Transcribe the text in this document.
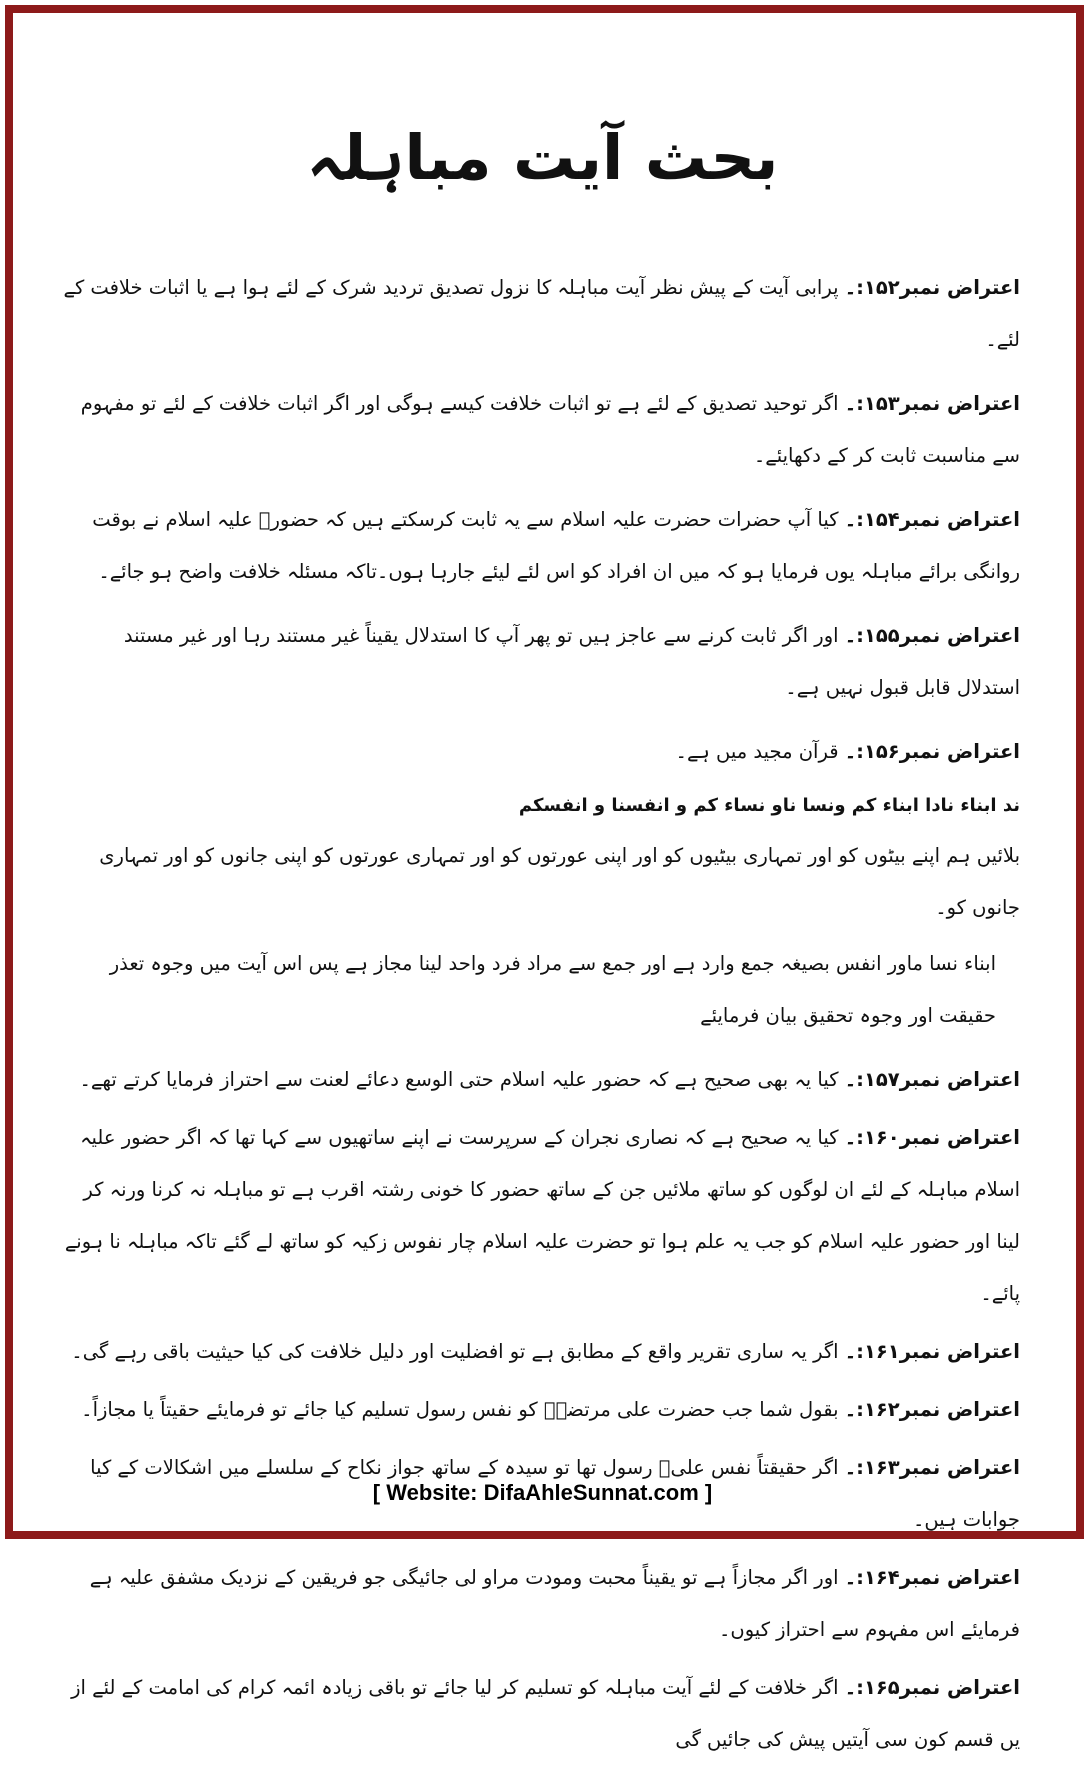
بحث آیت مباہلہ

اعتراض نمبر۱۵۲:۔ پرابی آیت کے پیش نظر آیت مباہلہ کا نزول تصدیق تردید شرک کے لئے ہوا ہے یا اثبات خلافت کے لئے۔

اعتراض نمبر۱۵۳:۔ اگر توحید تصدیق کے لئے ہے تو اثبات خلافت کیسے ہوگی اور اگر اثبات خلافت کے لئے تو مفہوم سے مناسبت ثابت کر کے دکھایئے۔

اعتراض نمبر۱۵۴:۔ کیا آپ حضرات حضرت علیہ اسلام سے یہ ثابت کرسکتے ہیں کہ حضورؑ علیہ اسلام نے بوقت روانگی برائے مباہلہ یوں فرمایا ہو کہ میں ان افراد کو اس لئے لیئے جارہا ہوں۔تاکہ مسئلہ خلافت واضح ہو جائے۔

اعتراض نمبر۱۵۵:۔ اور اگر ثابت کرنے سے عاجز ہیں تو پھر آپ کا استدلال یقیناً غیر مستند رہا اور غیر مستند استدلال قابل قبول نہیں ہے۔

اعتراض نمبر۱۵۶:۔ قرآن مجید میں ہے۔

ند ابناء نادا ابناء کم ونسا ناو نساء کم و انفسنا و انفسکم

بلائیں ہم اپنے بیٹوں کو اور تمہاری بیٹیوں کو اور اپنی عورتوں کو اور تمہاری عورتوں کو اپنی جانوں کو اور تمہاری جانوں کو۔

ابناء نسا ماور انفس بصیغہ جمع وارد ہے اور جمع سے مراد فرد واحد لینا مجاز ہے پس اس آیت میں وجوہ تعذر حقیقت اور وجوہ تحقیق بیان فرمایئے

اعتراض نمبر۱۵۷:۔ کیا یہ بھی صحیح ہے کہ حضور علیہ اسلام حتی الوسع دعائے لعنت سے احتراز فرمایا کرتے تھے۔

اعتراض نمبر۱۶۰:۔ کیا یہ صحیح ہے کہ نصاری نجران کے سرپرست نے اپنے ساتھیوں سے کہا تھا کہ اگر حضور علیہ اسلام مباہلہ کے لئے ان لوگوں کو ساتھ ملائیں جن کے ساتھ حضور کا خونی رشتہ اقرب ہے تو مباہلہ نہ کرنا ورنہ کر لینا اور حضور علیہ اسلام کو جب یہ علم ہوا تو حضرت علیہ اسلام چار نفوس زکیہ کو ساتھ لے گئے تاکہ مباہلہ نا ہونے پائے۔

اعتراض نمبر۱۶۱:۔ اگر یہ ساری تقریر واقع کے مطابق ہے تو افضلیت اور دلیل خلافت کی کیا حیثیت باقی رہے گی۔

اعتراض نمبر۱۶۲:۔ بقول شما جب حضرت علی مرتضےؓ کو نفس رسول تسلیم کیا جائے تو فرمایئے حقیتاً یا مجازاً۔

اعتراض نمبر۱۶۳:۔ اگر حقیقتاً نفس علیؓ رسول تھا تو سیدہ کے ساتھ جواز نکاح کے سلسلے میں اشکالات کے کیا جوابات ہیں۔

اعتراض نمبر۱۶۴:۔ اور اگر مجازاً ہے تو یقیناً محبت ومودت مراو لی جائیگی جو فریقین کے نزدیک مشفق علیہ ہے فرمایئے اس مفہوم سے احتراز کیوں۔

اعتراض نمبر۱۶۵:۔ اگر خلافت کے لئے آیت مباہلہ کو تسلیم کر لیا جائے تو باقی زیادہ ائمہ کرام کی امامت کے لئے از یں قسم کون سی آیتیں پیش کی جائیں گی

[ Website: DifaAhleSunnat.com ]
